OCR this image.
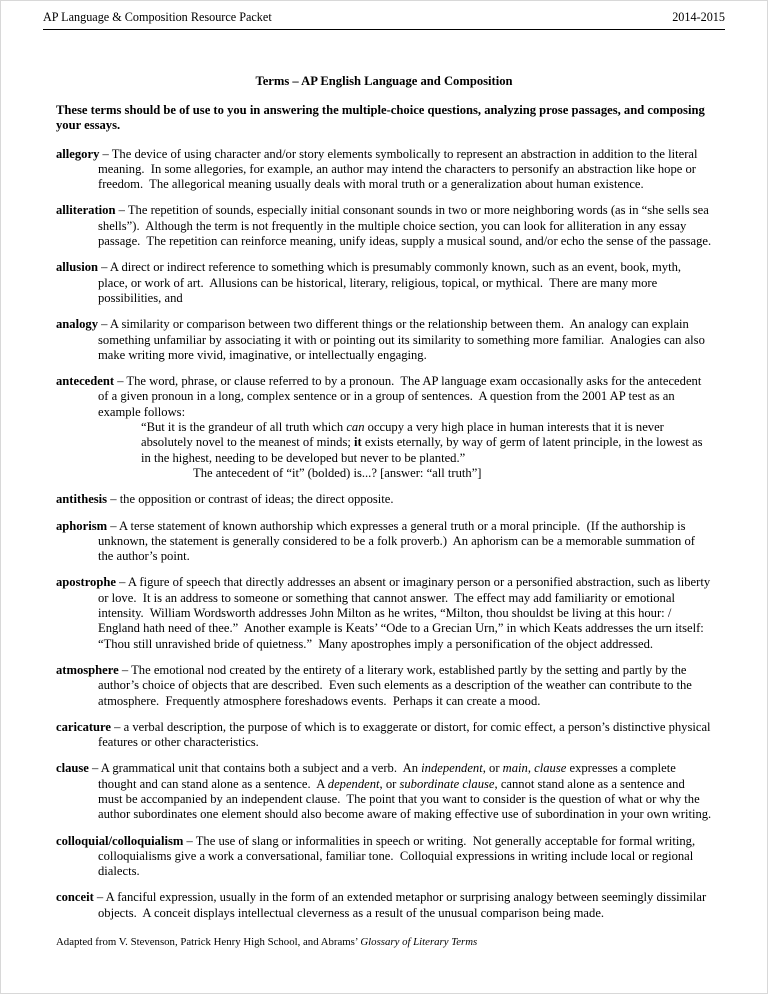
AP Language & Composition Resource Packet	2014-2015
Terms – AP English Language and Composition

These terms should be of use to you in answering the multiple-choice questions, analyzing prose passages, and composing your essays.

allegory – The device of using character and/or story elements symbolically to represent an abstraction in addition to the literal meaning.  In some allegories, for example, an author may intend the characters to personify an abstraction like hope or freedom.  The allegorical meaning usually deals with moral truth or a generalization about human existence.

alliteration – The repetition of sounds, especially initial consonant sounds in two or more neighboring words (as in “she sells sea shells”).  Although the term is not frequently in the multiple choice section, you can look for alliteration in any essay passage.  The repetition can reinforce meaning, unify ideas, supply a musical sound, and/or echo the sense of the passage.

allusion – A direct or indirect reference to something which is presumably commonly known, such as an event, book, myth, place, or work of art.  Allusions can be historical, literary, religious, topical, or mythical.  There are many more possibilities, and

analogy – A similarity or comparison between two different things or the relationship between them.  An analogy can explain something unfamiliar by associating it with or pointing out its similarity to something more familiar.  Analogies can also make writing more vivid, imaginative, or intellectually engaging.

antecedent – The word, phrase, or clause referred to by a pronoun.  The AP language exam occasionally asks for the antecedent of a given pronoun in a long, complex sentence or in a group of sentences.  A question from the 2001 AP test as an example follows:

“But it is the grandeur of all truth which can occupy a very high place in human interests that it is never absolutely novel to the meanest of minds; it exists eternally, by way of germ of latent principle, in the lowest as in the highest, needing to be developed but never to be planted.”

The antecedent of “it” (bolded) is...? [answer: “all truth”]

antithesis – the opposition or contrast of ideas; the direct opposite.

aphorism – A terse statement of known authorship which expresses a general truth or a moral principle.  (If the authorship is unknown, the statement is generally considered to be a folk proverb.)  An aphorism can be a memorable summation of the author’s point.

apostrophe – A figure of speech that directly addresses an absent or imaginary person or a personified abstraction, such as liberty or love.  It is an address to someone or something that cannot answer.  The effect may add familiarity or emotional intensity.  William Wordsworth addresses John Milton as he writes, “Milton, thou shouldst be living at this hour: / England hath need of thee.”  Another example is Keats’ “Ode to a Grecian Urn,” in which Keats addresses the urn itself: “Thou still unravished bride of quietness.”  Many apostrophes imply a personification of the object addressed.

atmosphere – The emotional nod created by the entirety of a literary work, established partly by the setting and partly by the author’s choice of objects that are described.  Even such elements as a description of the weather can contribute to the atmosphere.  Frequently atmosphere foreshadows events.  Perhaps it can create a mood.

caricature – a verbal description, the purpose of which is to exaggerate or distort, for comic effect, a person’s distinctive physical features or other characteristics.

clause – A grammatical unit that contains both a subject and a verb.  An independent, or main, clause expresses a complete thought and can stand alone as a sentence.  A dependent, or subordinate clause, cannot stand alone as a sentence and must be accompanied by an independent clause.  The point that you want to consider is the question of what or why the author subordinates one element should also become aware of making effective use of subordination in your own writing.

colloquial/colloquialism – The use of slang or informalities in speech or writing.  Not generally acceptable for formal writing, colloquialisms give a work a conversational, familiar tone.  Colloquial expressions in writing include local or regional dialects.

conceit – A fanciful expression, usually in the form of an extended metaphor or surprising analogy between seemingly dissimilar objects.  A conceit displays intellectual cleverness as a result of the unusual comparison being made.

Adapted from V. Stevenson, Patrick Henry High School, and Abrams’ Glossary of Literary Terms
